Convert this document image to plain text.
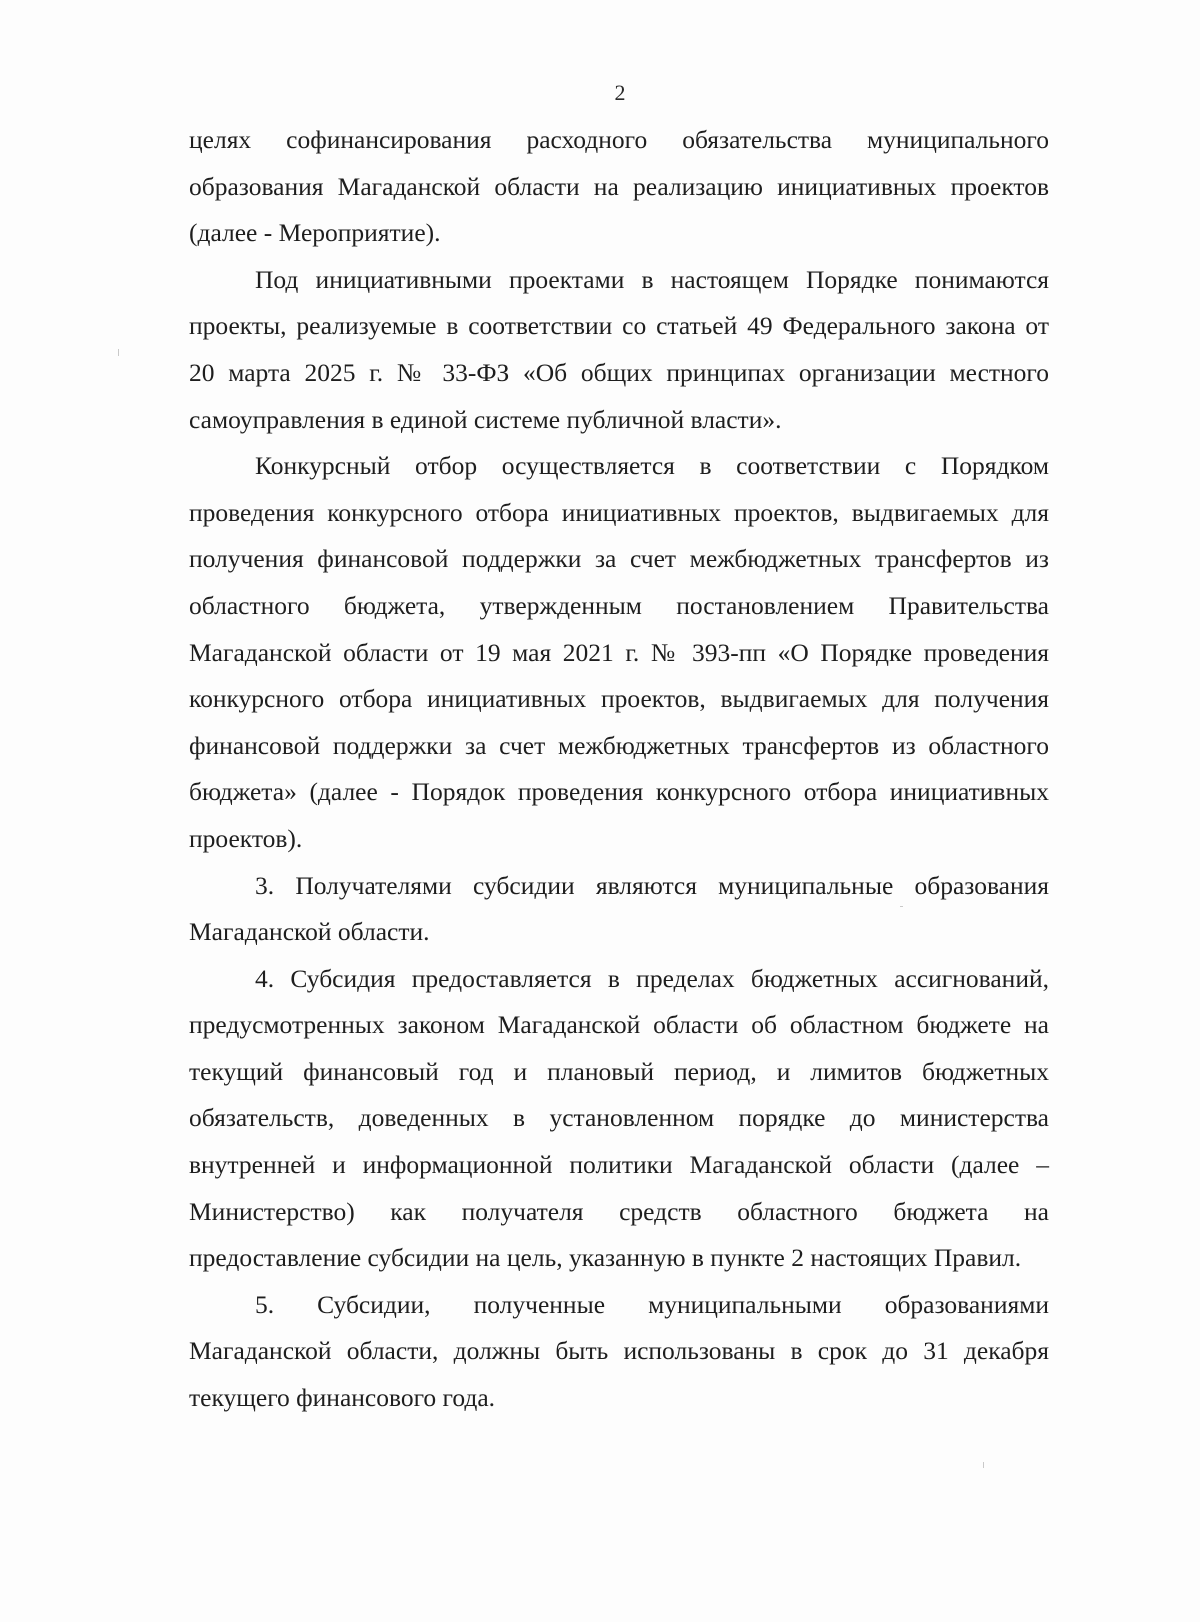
2

целях софинансирования расходного обязательства муниципального образования Магаданской области на реализацию инициативных проектов (далее - Мероприятие).

Под инициативными проектами в настоящем Порядке понимаются проекты, реализуемые в соответствии со статьей 49 Федерального закона от 20 марта 2025 г. № 33-ФЗ «Об общих принципах организации местного самоуправления в единой системе публичной власти».

Конкурсный отбор осуществляется в соответствии с Порядком проведения конкурсного отбора инициативных проектов, выдвигаемых для получения финансовой поддержки за счет межбюджетных трансфертов из областного бюджета, утвержденным постановлением Правительства Магаданской области от 19 мая 2021 г. № 393-пп «О Порядке проведения конкурсного отбора инициативных проектов, выдвигаемых для получения финансовой поддержки за счет межбюджетных трансфертов из областного бюджета» (далее - Порядок проведения конкурсного отбора инициативных проектов).

3. Получателями субсидии являются муниципальные образования Магаданской области.

4. Субсидия предоставляется в пределах бюджетных ассигнований, предусмотренных законом Магаданской области об областном бюджете на текущий финансовый год и плановый период, и лимитов бюджетных обязательств, доведенных в установленном порядке до министерства внутренней и информационной политики Магаданской области (далее – Министерство) как получателя средств областного бюджета на предоставление субсидии на цель, указанную в пункте 2 настоящих Правил.

5. Субсидии, полученные муниципальными образованиями Магаданской области, должны быть использованы в срок до 31 декабря текущего финансового года.
